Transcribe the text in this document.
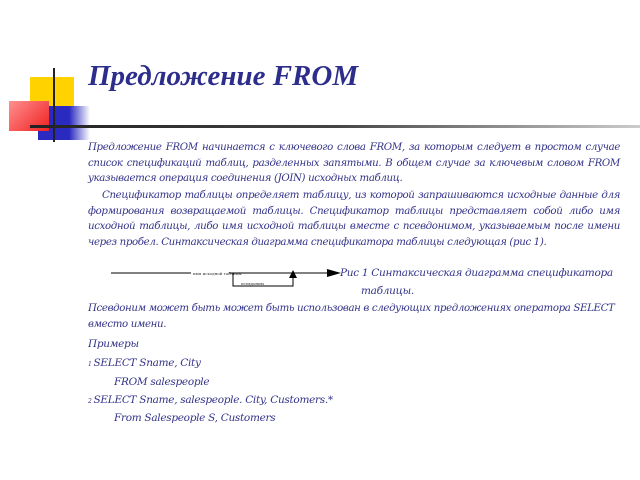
Предложение FROM
Предложение FROM начинается с ключевого слова FROM, за которым следует в простом случае список спецификаций таблиц, разделенных запятыми. В общем случае за ключевым словом FROM указывается операция соединения (JOIN) исходных таблиц.
Спецификатор таблицы определяет таблицу, из которой запрашиваются исходные данные для формирования возвращаемой таблицы. Спецификатор таблицы представляет собой либо имя исходной таблицы, либо имя исходной таблицы вместе с псевдонимом, указываемым после имени через пробел. Синтаксическая диаграмма спецификатора таблицы следующая (рис 1).
имя исходной таблицы
псевдоним
Рис 1 Синтаксическая диаграмма спецификатора
таблицы.
Псевдоним может быть может быть использован в следующих предложениях оператора SELECT вместо имени.
Примеры
1 SELECT Sname, City
FROM salespeople
2 SELECT Sname, salespeople. City, Customers.*
From Salespeople S, Customers
